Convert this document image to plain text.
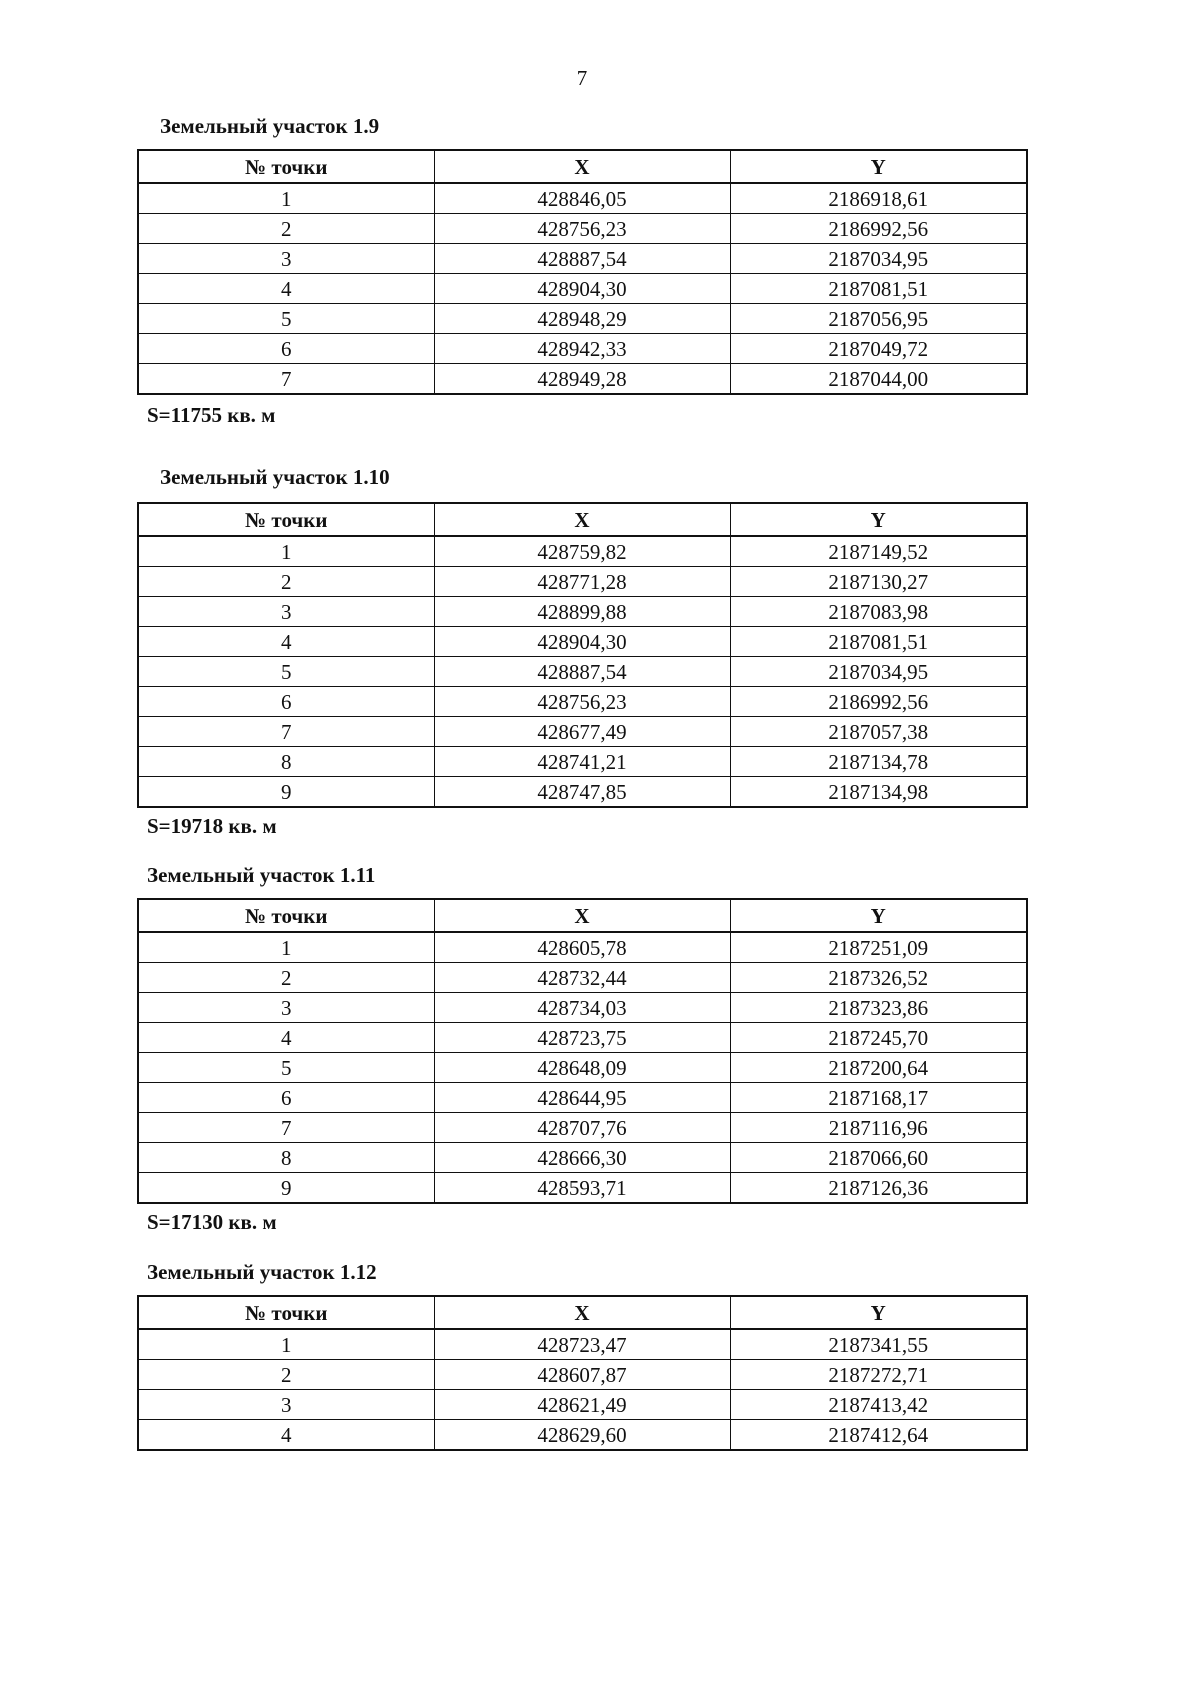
7
Земельный участок 1.9
№ точки	X	Y
1	428846,05	2186918,61
2	428756,23	2186992,56
3	428887,54	2187034,95
4	428904,30	2187081,51
5	428948,29	2187056,95
6	428942,33	2187049,72
7	428949,28	2187044,00
S=11755 кв. м
Земельный участок 1.10
№ точки	X	Y
1	428759,82	2187149,52
2	428771,28	2187130,27
3	428899,88	2187083,98
4	428904,30	2187081,51
5	428887,54	2187034,95
6	428756,23	2186992,56
7	428677,49	2187057,38
8	428741,21	2187134,78
9	428747,85	2187134,98
S=19718 кв. м
Земельный участок 1.11
№ точки	X	Y
1	428605,78	2187251,09
2	428732,44	2187326,52
3	428734,03	2187323,86
4	428723,75	2187245,70
5	428648,09	2187200,64
6	428644,95	2187168,17
7	428707,76	2187116,96
8	428666,30	2187066,60
9	428593,71	2187126,36
S=17130 кв. м
Земельный участок 1.12
№ точки	X	Y
1	428723,47	2187341,55
2	428607,87	2187272,71
3	428621,49	2187413,42
4	428629,60	2187412,64
